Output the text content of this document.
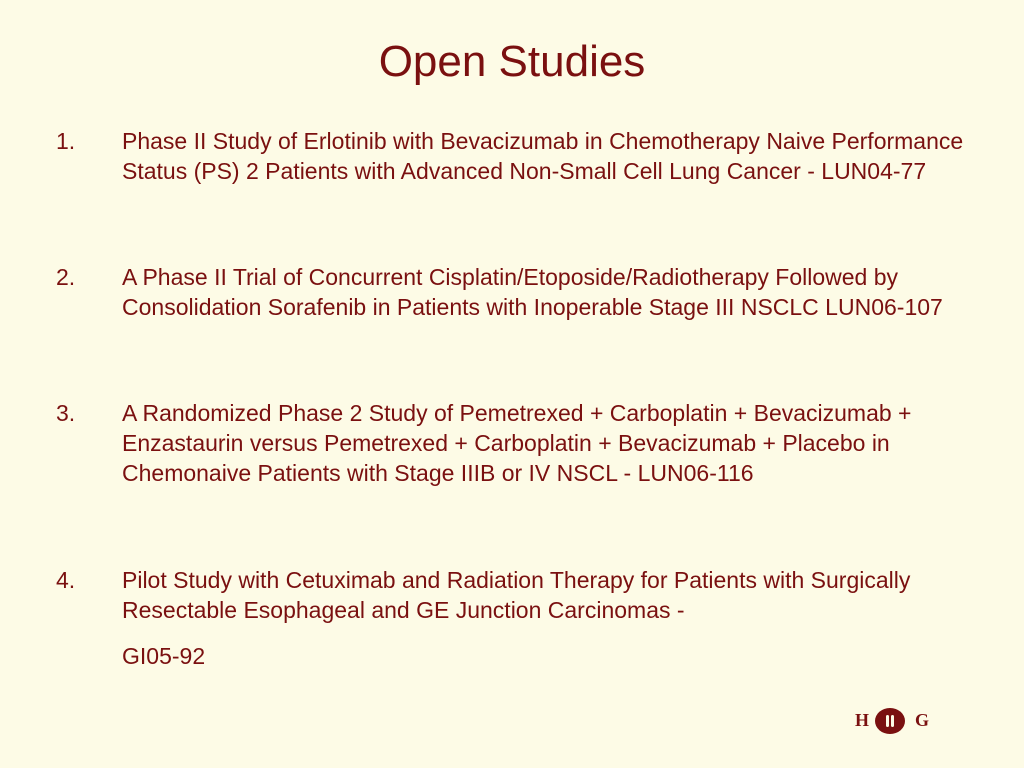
Open Studies
1.	Phase II Study of Erlotinib with Bevacizumab in Chemotherapy Naive Performance Status (PS) 2 Patients with Advanced Non-Small Cell Lung Cancer - LUN04-77
2.	A Phase II Trial of Concurrent Cisplatin/Etoposide/Radiotherapy Followed by Consolidation Sorafenib in Patients with Inoperable Stage III NSCLC LUN06-107
3.	A Randomized Phase 2 Study of Pemetrexed + Carboplatin + Bevacizumab + Enzastaurin versus Pemetrexed + Carboplatin + Bevacizumab + Placebo in Chemonaive Patients with Stage IIIB or IV NSCL - LUN06-116
4.	Pilot Study with Cetuximab and Radiation Therapy for Patients with Surgically Resectable Esophageal and GE Junction Carcinomas -
GI05-92
H	G
